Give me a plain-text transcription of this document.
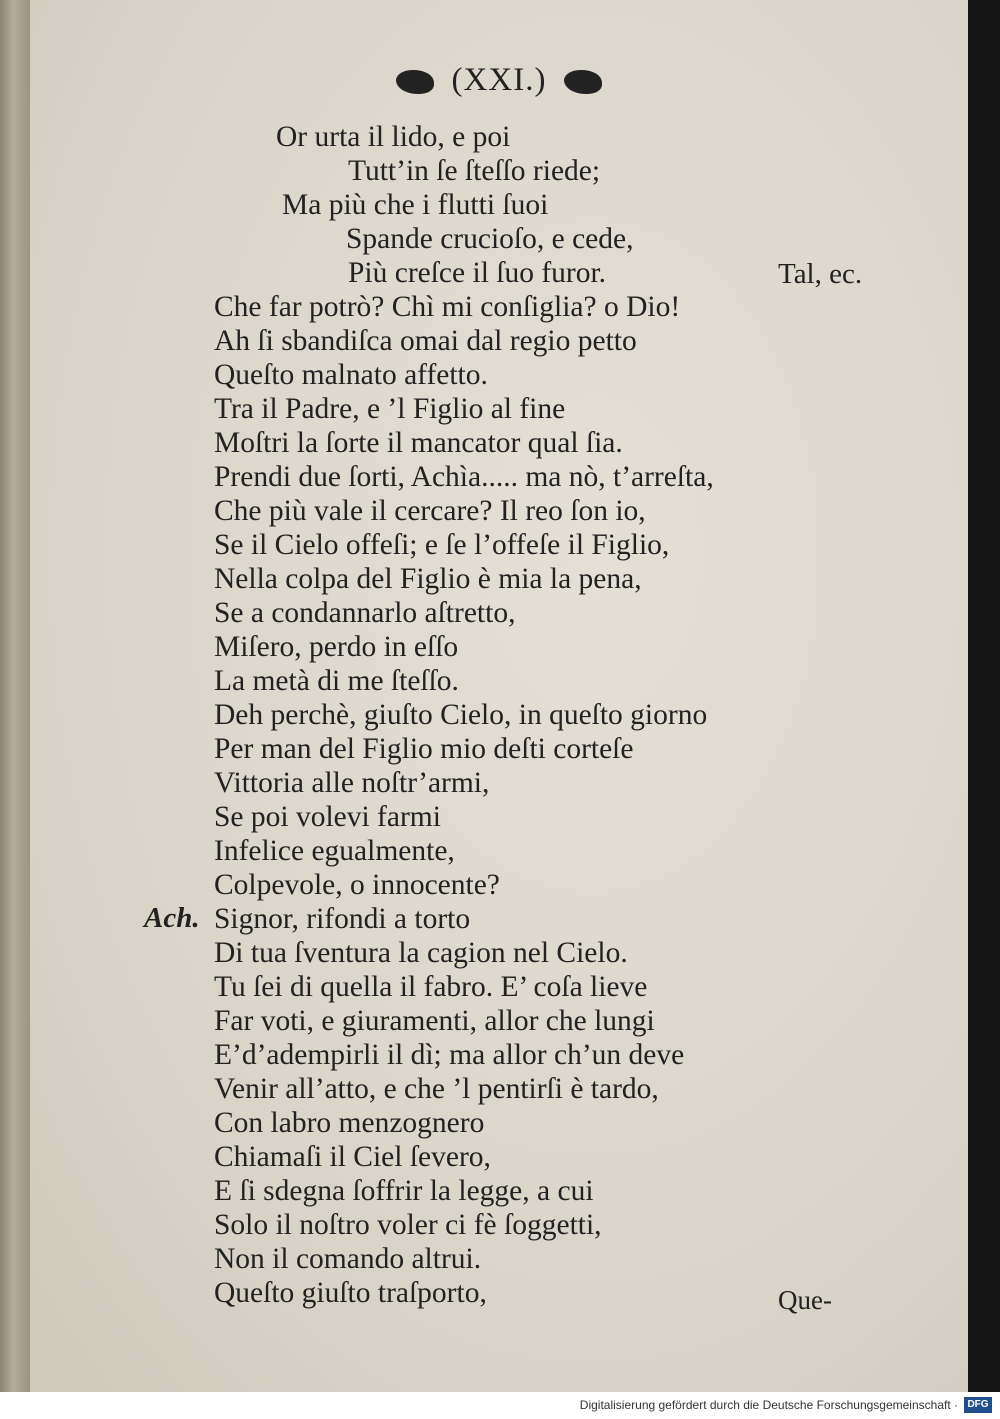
(XXI.)
Or urta il lido, e poi
Tutt’in ſe ſteſſo riede;
Ma più che i flutti ſuoi
Spande crucioſo, e cede,
Più creſce il ſuo furor.	Tal, ec.
Che far potrò? Chì mi conſiglia? o Dio!
Ah ſi sbandiſca omai dal regio petto
Queſto malnato affetto.
Tra il Padre, e ’l Figlio al fine
Moſtri la ſorte il mancator qual ſia.
Prendi due ſorti, Achìa..... ma nò, t’arreſta,
Che più vale il cercare? Il reo ſon io,
Se il Cielo offeſi; e ſe l’offeſe il Figlio,
Nella colpa del Figlio è mia la pena,
Se a condannarlo aſtretto,
Miſero, perdo in eſſo
La metà di me ſteſſo.
Deh perchè, giuſto Cielo, in queſto giorno
Per man del Figlio mio deſti corteſe
Vittoria alle noſtr’armi,
Se poi volevi farmi
Infelice egualmente,
Colpevole, o innocente?
Ach. Signor, rifondi a torto
Di tua ſventura la cagion nel Cielo.
Tu ſei di quella il fabro. E’ coſa lieve
Far voti, e giuramenti, allor che lungi
E’d’adempirli il dì; ma allor ch’un deve
Venir all’atto, e che ’l pentirſi è tardo,
Con labro menzognero
Chiamaſi il Ciel ſevero,
E ſi sdegna ſoffrir la legge, a cui
Solo il noſtro voler ci fè ſoggetti,
Non il comando altrui.
Queſto giuſto traſporto,	Que-
Digitalisierung gefördert durch die Deutsche Forschungsgemeinschaft · DFG
